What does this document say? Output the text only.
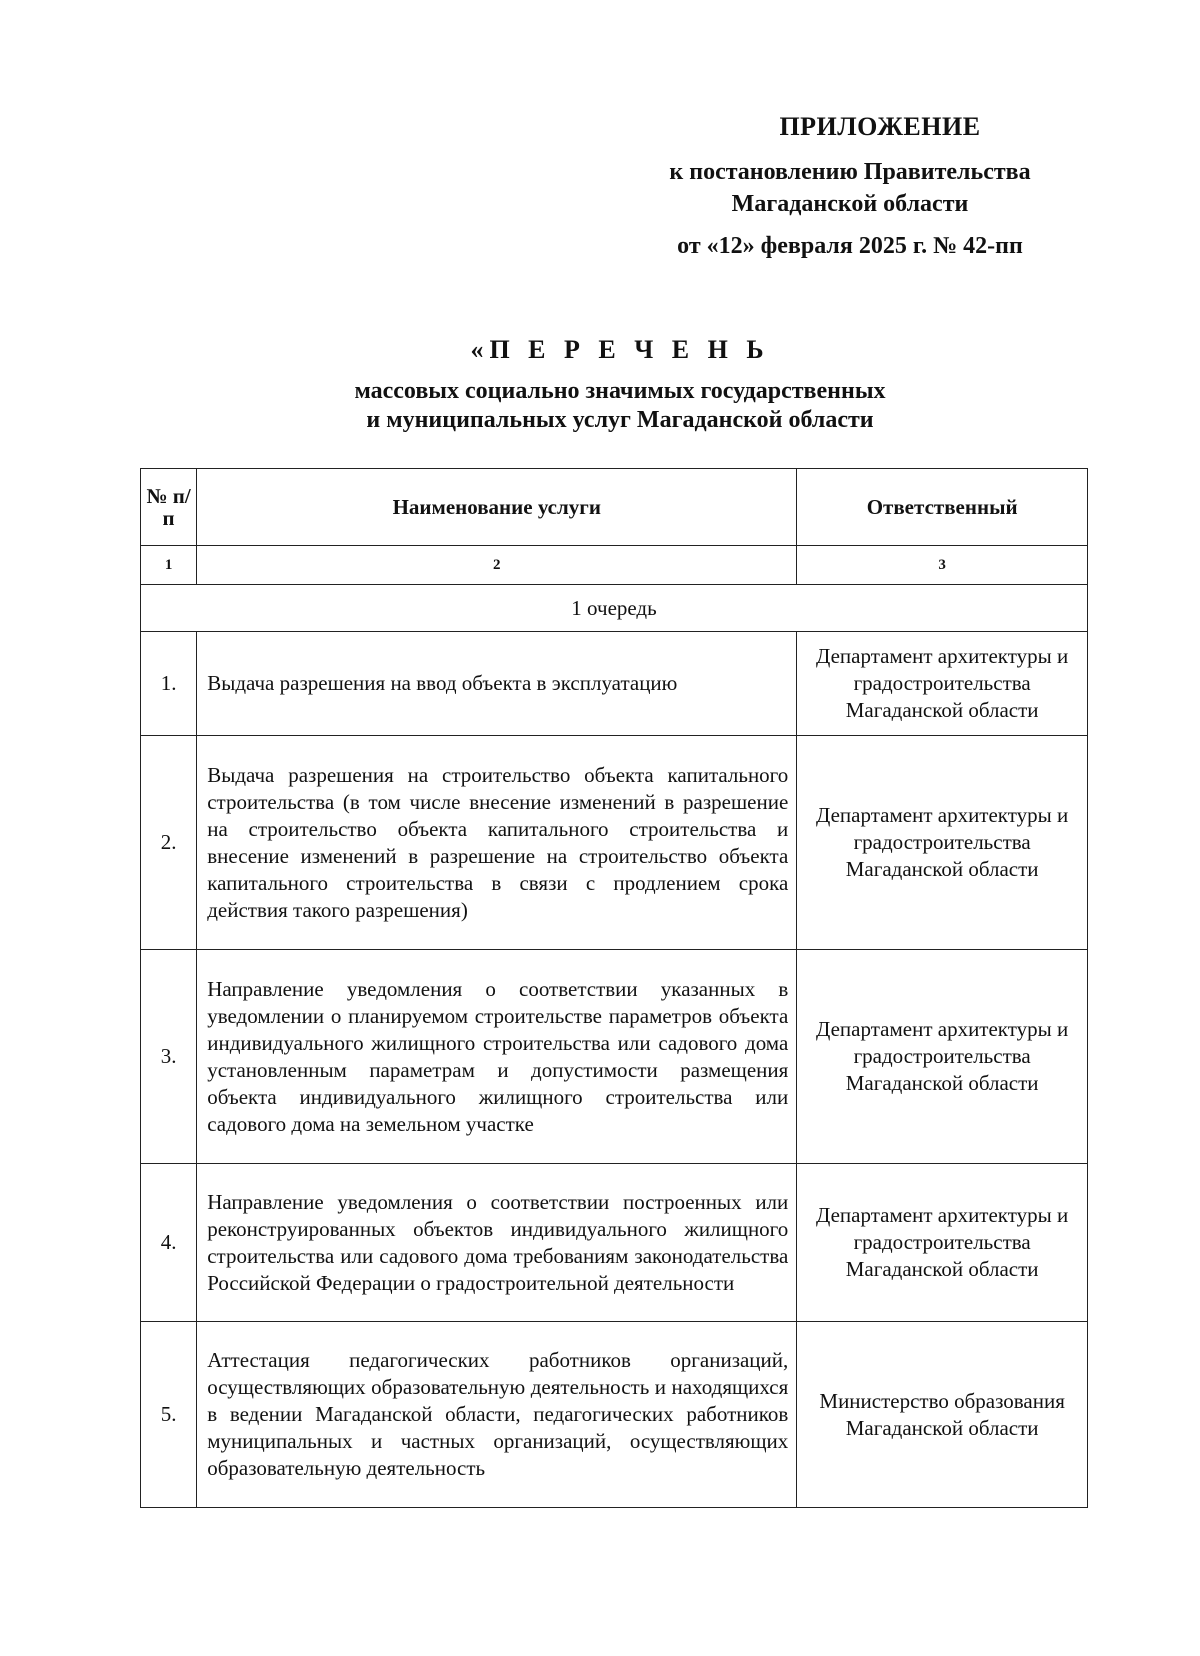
ПРИЛОЖЕНИЕ
к постановлению Правительства
Магаданской области
от «12» февраля 2025 г. № 42-пп
«П Е Р Е Ч Е Н Ь
массовых социально значимых государственных
и муниципальных услуг Магаданской области
№ п/п	Наименование услуги	Ответственный
1	2	3
1 очередь		
1.	Выдача разрешения на ввод объекта в эксплуатацию	Департамент архитектуры и градостроительства Магаданской области
2.	Выдача разрешения на строительство объекта капитального строительства (в том числе внесение изменений в разрешение на строительство объекта капитального строительства и внесение изменений в разрешение на строительство объекта капитального строительства в связи с продлением срока действия такого разрешения)	Департамент архитектуры и градостроительства Магаданской области
3.	Направление уведомления о соответствии указанных в уведомлении о планируемом строительстве параметров объекта индивидуального жилищного строительства или садового дома установленным параметрам и допустимости размещения объекта индивидуального жилищного строительства или садового дома на земельном участке	Департамент архитектуры и градостроительства Магаданской области
4.	Направление уведомления о соответствии построенных или реконструированных объектов индивидуального жилищного строительства или садового дома требованиям законодательства Российской Федерации о градостроительной деятельности	Департамент архитектуры и градостроительства Магаданской области
5.	Аттестация педагогических работников организаций, осуществляющих образовательную деятельность и находящихся в ведении Магаданской области, педагогических работников муниципальных и частных организаций, осуществляющих образовательную деятельность	Министерство образования Магаданской области
